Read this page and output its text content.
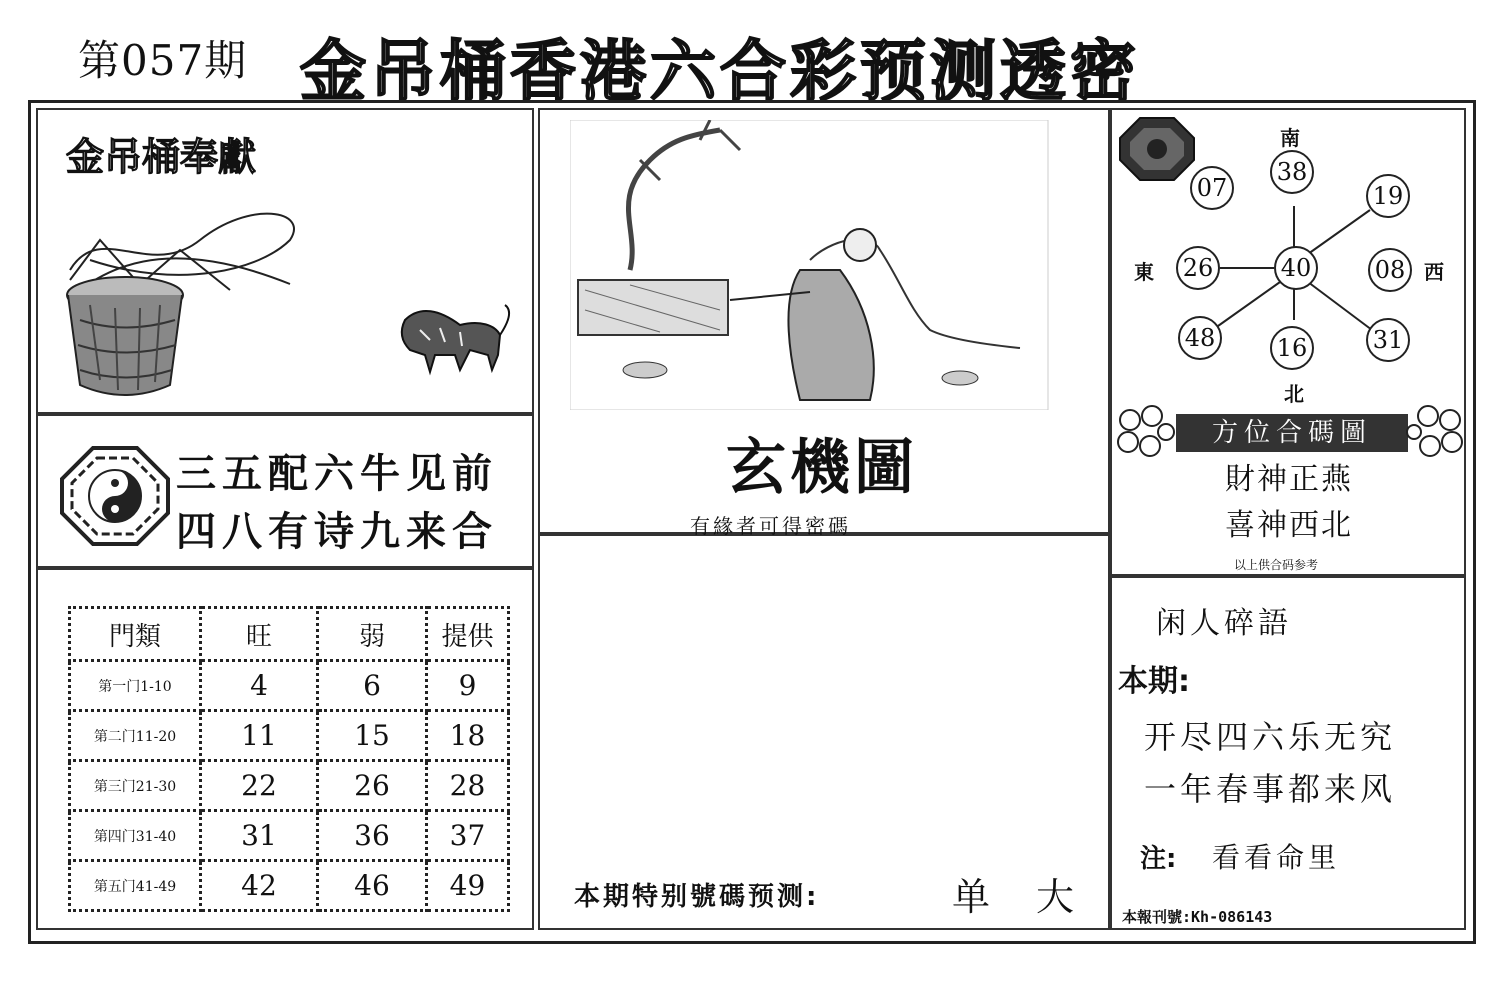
第057期 金吊桶香港六合彩预测透密
金吊桶奉獻
三五配六牛见前
四八有诗九来合
門類	旺	弱	提供
第一门1-10	4	6	9
第二门11-20	11	15	18
第三门21-30	22	26	28
第四门31-40	31	36	37
第五门41-49	42	46	49
玄機圖
有緣者可得密碼
本期特别號碼预测:	单 大
南
北
東	西
07
38
19
26	40	08
48	16	31
方位合碼圖
財神正燕
喜神西北
以上供合码参考
闲人碎語
本期:
开尽四六乐无究
一年春事都来风
注: 看看命里
本報刊號:Kh-086143
